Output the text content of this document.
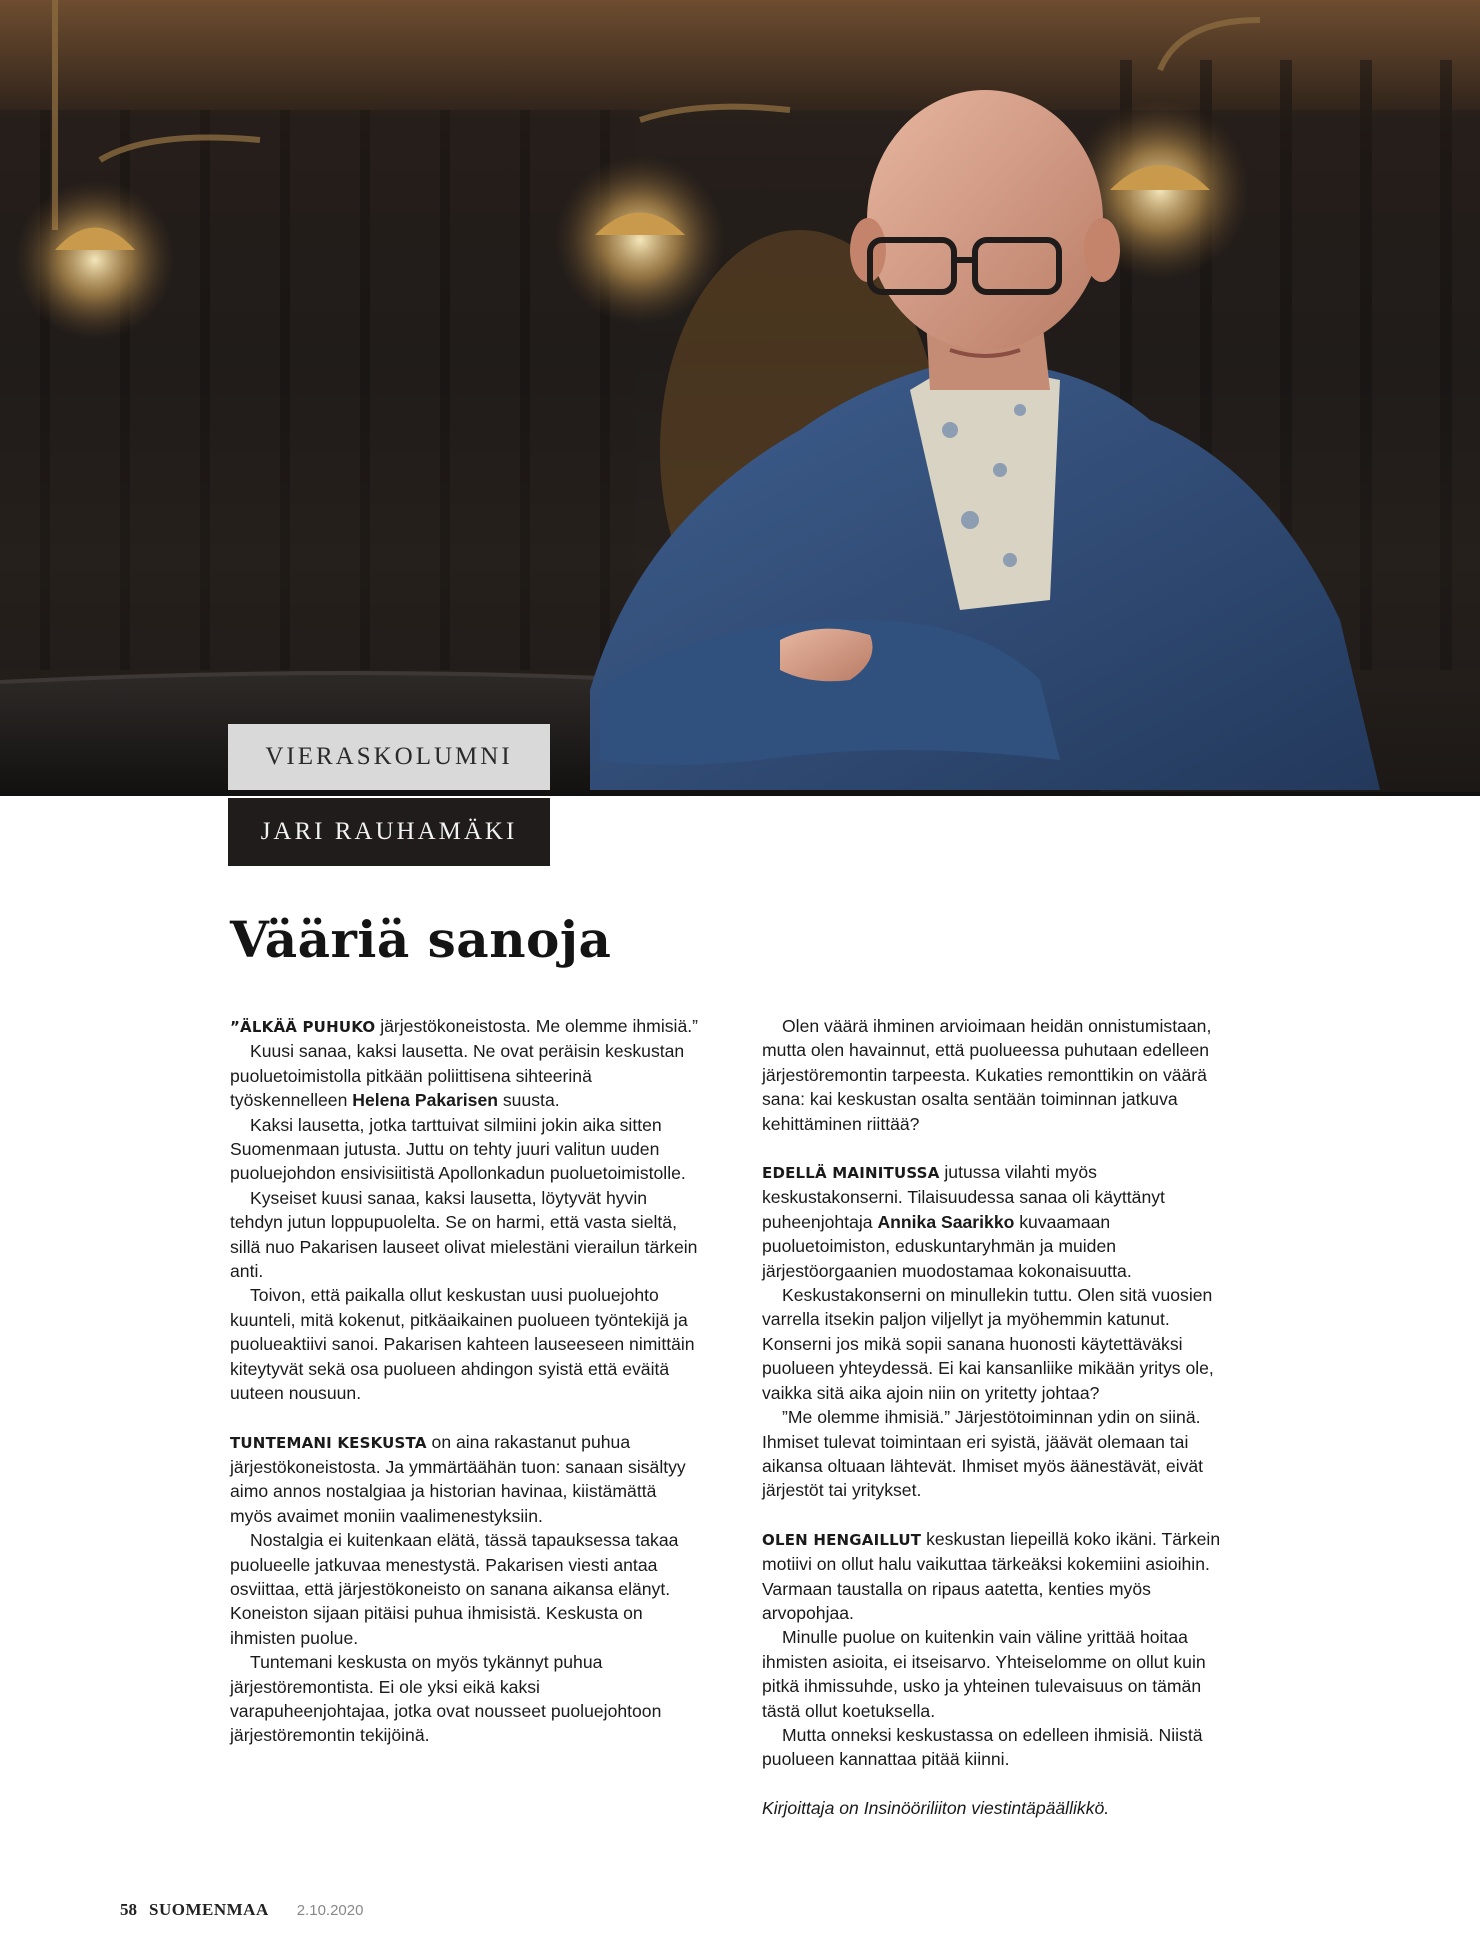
VIERASKOLUMNI
JARI RAUHAMÄKI
Vääriä sanoja

”ÄLKÄÄ PUHUKO järjestökoneistosta. Me olemme ihmisiä.”

Kuusi sanaa, kaksi lausetta. Ne ovat peräisin keskustan puoluetoimistolla pitkään poliittisena sihteerinä työskennelleen Helena Pakarisen suusta.

Kaksi lausetta, jotka tarttuivat silmiini jokin aika sitten Suomenmaan jutusta. Juttu on tehty juuri valitun uuden puoluejohdon ensivisiitistä Apollonkadun puoluetoimistolle.

Kyseiset kuusi sanaa, kaksi lausetta, löytyvät hyvin tehdyn jutun loppupuolelta. Se on harmi, että vasta sieltä, sillä nuo Pakarisen lauseet olivat mielestäni vierailun tärkein anti.

Toivon, että paikalla ollut keskustan uusi puoluejohto kuunteli, mitä kokenut, pitkäaikainen puolueen työntekijä ja puolueaktiivi sanoi. Pakarisen kahteen lauseeseen nimittäin kiteytyvät sekä osa puolueen ahdingon syistä että eväitä uuteen nousuun.

TUNTEMANI KESKUSTA on aina rakastanut puhua järjestökoneistosta. Ja ymmärtäähän tuon: sanaan sisältyy aimo annos nostalgiaa ja historian havinaa, kiistämättä myös avaimet moniin vaalimenestyksiin.

Nostalgia ei kuitenkaan elätä, tässä tapauksessa takaa puolueelle jatkuvaa menestystä. Pakarisen viesti antaa osviittaa, että järjestökoneisto on sanana aikansa elänyt. Koneiston sijaan pitäisi puhua ihmisistä. Keskusta on ihmisten puolue.

Tuntemani keskusta on myös tykännyt puhua järjestöremontista. Ei ole yksi eikä kaksi varapuheenjohtajaa, jotka ovat nousseet puoluejohtoon järjestöremontin tekijöinä.

Olen väärä ihminen arvioimaan heidän onnistumistaan, mutta olen havainnut, että puolueessa puhutaan edelleen järjestöremontin tarpeesta. Kukaties remonttikin on väärä sana: kai keskustan osalta sentään toiminnan jatkuva kehittäminen riittää?

EDELLÄ MAINITUSSA jutussa vilahti myös keskustakonserni. Tilaisuudessa sanaa oli käyttänyt puheenjohtaja Annika Saarikko kuvaamaan puoluetoimiston, eduskuntaryhmän ja muiden järjestöorgaanien muodostamaa kokonaisuutta.

Keskustakonserni on minullekin tuttu. Olen sitä vuosien varrella itsekin paljon viljellyt ja myöhemmin katunut. Konserni jos mikä sopii sanana huonosti käytettäväksi puolueen yhteydessä. Ei kai kansanliike mikään yritys ole, vaikka sitä aika ajoin niin on yritetty johtaa?

”Me olemme ihmisiä.” Järjestötoiminnan ydin on siinä. Ihmiset tulevat toimintaan eri syistä, jäävät olemaan tai aikansa oltuaan lähtevät. Ihmiset myös äänestävät, eivät järjestöt tai yritykset.

OLEN HENGAILLUT keskustan liepeillä koko ikäni. Tärkein motiivi on ollut halu vaikuttaa tärkeäksi kokemiini asioihin. Varmaan taustalla on ripaus aatetta, kenties myös arvopohjaa.

Minulle puolue on kuitenkin vain väline yrittää hoitaa ihmisten asioita, ei itseisarvo. Yhteiselomme on ollut kuin pitkä ihmissuhde, usko ja yhteinen tulevaisuus on tämän tästä ollut koetuksella.

Mutta onneksi keskustassa on edelleen ihmisiä. Niistä puolueen kannattaa pitää kiinni.

Kirjoittaja on Insinööriliiton viestintäpäällikkö.

58 SUOMENMAA 2.10.2020
